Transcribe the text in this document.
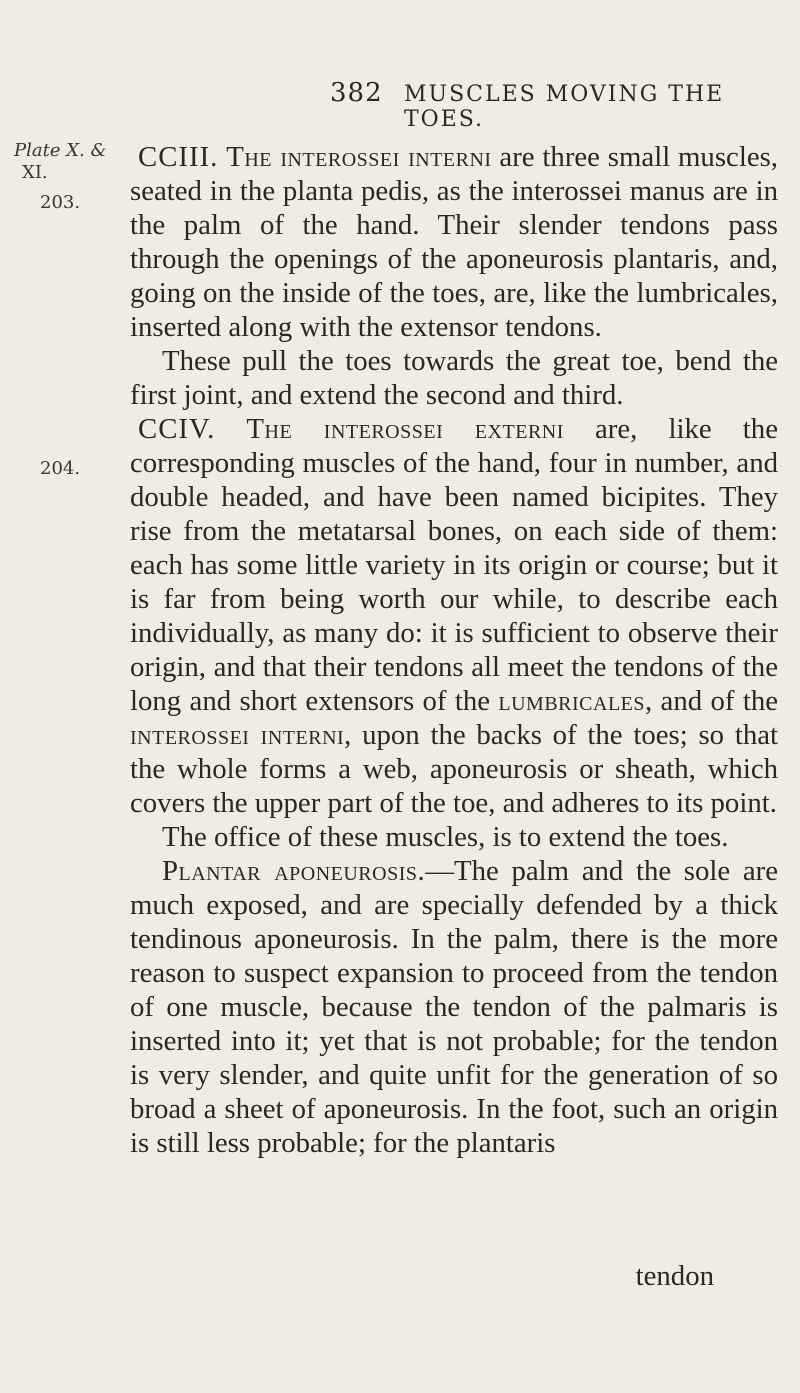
382 MUSCLES MOVING THE TOES.
Plate X. &
XI.
203.
204.

CCIII. The interossei interni are three small muscles, seated in the planta pedis, as the interossei manus are in the palm of the hand. Their slender tendons pass through the openings of the aponeurosis plantaris, and, going on the inside of the toes, are, like the lumbricales, inserted along with the extensor tendons.

These pull the toes towards the great toe, bend the first joint, and extend the second and third.

CCIV. The interossei externi are, like the corresponding muscles of the hand, four in number, and double headed, and have been named bicipites. They rise from the metatarsal bones, on each side of them: each has some little variety in its origin or course; but it is far from being worth our while, to describe each individually, as many do: it is sufficient to observe their origin, and that their tendons all meet the tendons of the long and short extensors of the lumbricales, and of the interossei interni, upon the backs of the toes; so that the whole forms a web, aponeurosis or sheath, which covers the upper part of the toe, and adheres to its point.

The office of these muscles, is to extend the toes.

Plantar aponeurosis.—The palm and the sole are much exposed, and are specially defended by a thick tendinous aponeurosis. In the palm, there is the more reason to suspect expansion to proceed from the tendon of one muscle, because the tendon of the palmaris is inserted into it; yet that is not probable; for the tendon is very slender, and quite unfit for the generation of so broad a sheet of aponeurosis. In the foot, such an origin is still less probable; for the plantaris

tendon
